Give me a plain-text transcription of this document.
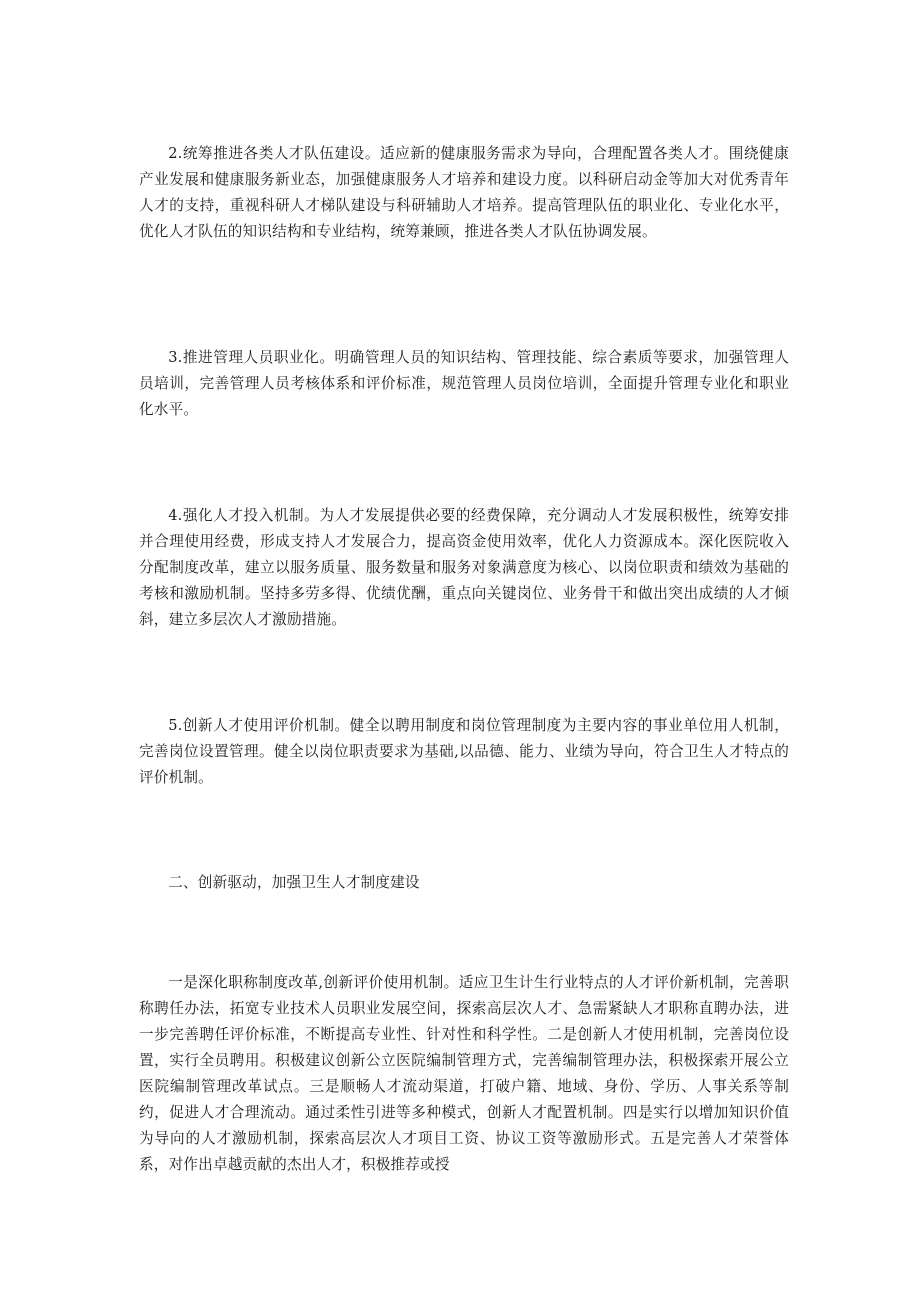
2.统筹推进各类人才队伍建设。适应新的健康服务需求为导向，合理配置各类人才。围绕健康产业发展和健康服务新业态，加强健康服务人才培养和建设力度。以科研启动金等加大对优秀青年人才的支持，重视科研人才梯队建设与科研辅助人才培养。提高管理队伍的职业化、专业化水平，优化人才队伍的知识结构和专业结构，统筹兼顾，推进各类人才队伍协调发展。

3.推进管理人员职业化。明确管理人员的知识结构、管理技能、综合素质等要求，加强管理人员培训，完善管理人员考核体系和评价标准，规范管理人员岗位培训，全面提升管理专业化和职业化水平。

4.强化人才投入机制。为人才发展提供必要的经费保障，充分调动人才发展积极性，统筹安排并合理使用经费，形成支持人才发展合力，提高资金使用效率，优化人力资源成本。深化医院收入分配制度改革，建立以服务质量、服务数量和服务对象满意度为核心、以岗位职责和绩效为基础的考核和激励机制。坚持多劳多得、优绩优酬，重点向关键岗位、业务骨干和做出突出成绩的人才倾斜，建立多层次人才激励措施。

5.创新人才使用评价机制。健全以聘用制度和岗位管理制度为主要内容的事业单位用人机制，完善岗位设置管理。健全以岗位职责要求为基础,以品德、能力、业绩为导向，符合卫生人才特点的评价机制。

二、创新驱动，加强卫生人才制度建设

一是深化职称制度改革,创新评价使用机制。适应卫生计生行业特点的人才评价新机制，完善职称聘任办法，拓宽专业技术人员职业发展空间，探索高层次人才、急需紧缺人才职称直聘办法，进一步完善聘任评价标准，不断提高专业性、针对性和科学性。二是创新人才使用机制，完善岗位设置，实行全员聘用。积极建议创新公立医院编制管理方式，完善编制管理办法，积极探索开展公立医院编制管理改革试点。三是顺畅人才流动渠道，打破户籍、地域、身份、学历、人事关系等制约，促进人才合理流动。通过柔性引进等多种模式，创新人才配置机制。四是实行以增加知识价值为导向的人才激励机制，探索高层次人才项目工资、协议工资等激励形式。五是完善人才荣誉体系，对作出卓越贡献的杰出人才，积极推荐或授
